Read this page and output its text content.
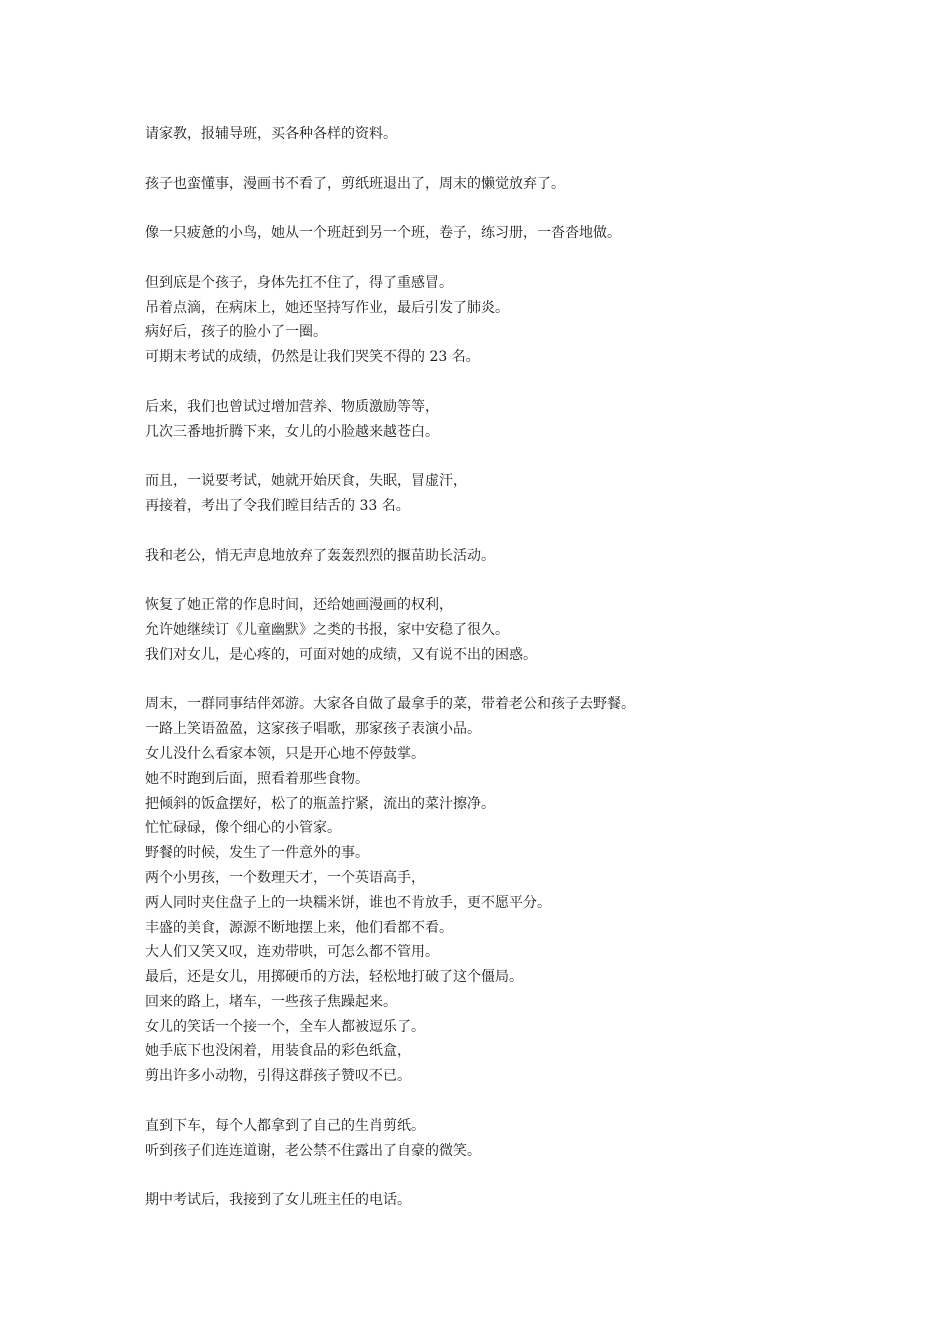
请家教，报辅导班，买各种各样的资料。

孩子也蛮懂事，漫画书不看了，剪纸班退出了，周末的懒觉放弃了。

像一只疲惫的小鸟，她从一个班赶到另一个班，卷子，练习册，一沓沓地做。

但到底是个孩子，身体先扛不住了，得了重感冒。
吊着点滴，在病床上，她还坚持写作业，最后引发了肺炎。
病好后，孩子的脸小了一圈。
可期末考试的成绩，仍然是让我们哭笑不得的 23 名。

后来，我们也曾试过增加营养、物质激励等等，
几次三番地折腾下来，女儿的小脸越来越苍白。

而且，一说要考试，她就开始厌食，失眠，冒虚汗，
再接着，考出了令我们瞠目结舌的 33 名。

我和老公，悄无声息地放弃了轰轰烈烈的揠苗助长活动。

恢复了她正常的作息时间，还给她画漫画的权利，
允许她继续订《儿童幽默》之类的书报，家中安稳了很久。
我们对女儿，是心疼的，可面对她的成绩，又有说不出的困惑。

周末，一群同事结伴郊游。大家各自做了最拿手的菜，带着老公和孩子去野餐。
一路上笑语盈盈，这家孩子唱歌，那家孩子表演小品。
女儿没什么看家本领，只是开心地不停鼓掌。
她不时跑到后面，照看着那些食物。
把倾斜的饭盒摆好，松了的瓶盖拧紧，流出的菜汁擦净。
忙忙碌碌，像个细心的小管家。
野餐的时候，发生了一件意外的事。
两个小男孩，一个数理天才，一个英语高手，
两人同时夹住盘子上的一块糯米饼，谁也不肯放手，更不愿平分。
丰盛的美食，源源不断地摆上来，他们看都不看。
大人们又笑又叹，连劝带哄，可怎么都不管用。
最后，还是女儿，用掷硬币的方法，轻松地打破了这个僵局。
回来的路上，堵车，一些孩子焦躁起来。
女儿的笑话一个接一个，全车人都被逗乐了。
她手底下也没闲着，用装食品的彩色纸盒，
剪出许多小动物，引得这群孩子赞叹不已。

直到下车，每个人都拿到了自己的生肖剪纸。
听到孩子们连连道谢，老公禁不住露出了自豪的微笑。

期中考试后，我接到了女儿班主任的电话。
